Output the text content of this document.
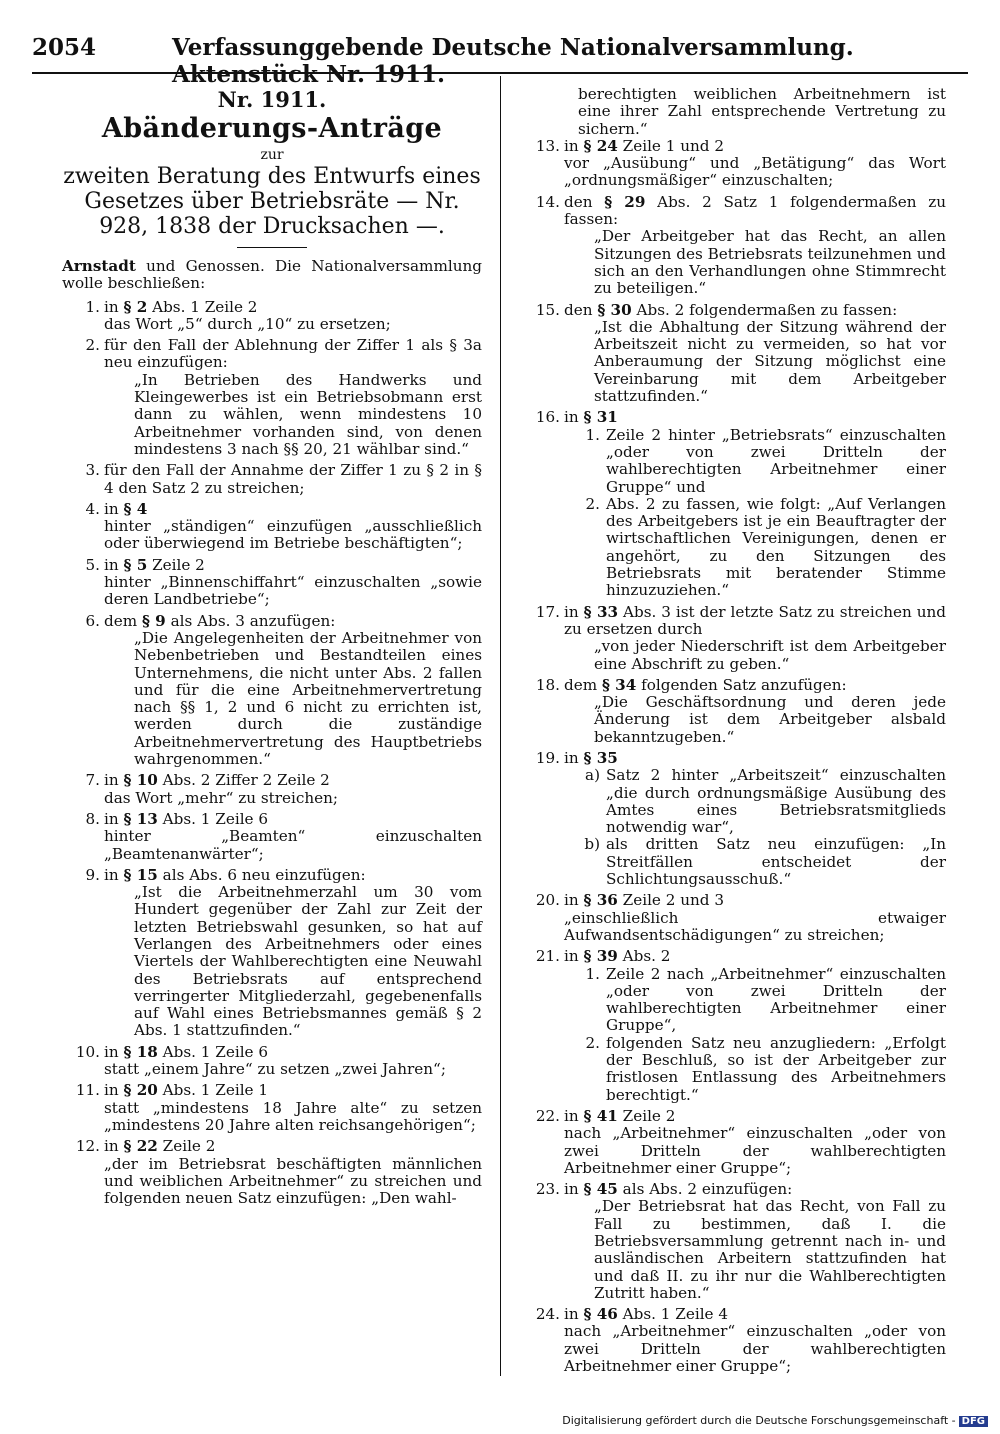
2054	Verfassunggebende Deutsche Nationalversammlung. Aktenstück Nr. 1911.
Nr. 1911.
Abänderungs-Anträge
zur
zweiten Beratung des Entwurfs eines Gesetzes über Betriebsräte — Nr. 928, 1838 der Drucksachen —.
Arnstadt und Genossen. Die Nationalversammlung wolle beschließen:
1. in § 2 Abs. 1 Zeile 2
das Wort „5“ durch „10“ zu ersetzen;
2. für den Fall der Ablehnung der Ziffer 1 als § 3a neu einzufügen:
„In Betrieben des Handwerks und Kleingewerbes ist ein Betriebsobmann erst dann zu wählen, wenn mindestens 10 Arbeitnehmer vorhanden sind, von denen mindestens 3 nach §§ 20, 21 wählbar sind.“
3. für den Fall der Annahme der Ziffer 1 zu § 2 in § 4 den Satz 2 zu streichen;
4. in § 4
hinter „ständigen“ einzufügen „ausschließlich oder überwiegend im Betriebe beschäftigten“;
5. in § 5 Zeile 2
hinter „Binnenschiffahrt“ einzuschalten „sowie deren Landbetriebe“;
6. dem § 9 als Abs. 3 anzufügen:
„Die Angelegenheiten der Arbeitnehmer von Nebenbetrieben und Bestandteilen eines Unternehmens, die nicht unter Abs. 2 fallen und für die eine Arbeitnehmervertretung nach §§ 1, 2 und 6 nicht zu errichten ist, werden durch die zuständige Arbeitnehmervertretung des Hauptbetriebs wahrgenommen.“
7. in § 10 Abs. 2 Ziffer 2 Zeile 2
das Wort „mehr“ zu streichen;
8. in § 13 Abs. 1 Zeile 6
hinter „Beamten“ einzuschalten „Beamtenanwärter“;
9. in § 15 als Abs. 6 neu einzufügen:
„Ist die Arbeitnehmerzahl um 30 vom Hundert gegenüber der Zahl zur Zeit der letzten Betriebswahl gesunken, so hat auf Verlangen des Arbeitnehmers oder eines Viertels der Wahlberechtigten eine Neuwahl des Betriebsrats auf entsprechend verringerter Mitgliederzahl, gegebenenfalls auf Wahl eines Betriebsmannes gemäß § 2 Abs. 1 stattzufinden.“
10. in § 18 Abs. 1 Zeile 6
statt „einem Jahre“ zu setzen „zwei Jahren“;
11. in § 20 Abs. 1 Zeile 1
statt „mindestens 18 Jahre alte“ zu setzen „mindestens 20 Jahre alten reichsangehörigen“;
12. in § 22 Zeile 2
„der im Betriebsrat beschäftigten männlichen und weiblichen Arbeitnehmer“ zu streichen und folgenden neuen Satz einzufügen: „Den wahl-
berechtigten weiblichen Arbeitnehmern ist eine ihrer Zahl entsprechende Vertretung zu sichern.“
13. in § 24 Zeile 1 und 2
vor „Ausübung“ und „Betätigung“ das Wort „ordnungsmäßiger“ einzuschalten;
14. den § 29 Abs. 2 Satz 1 folgendermaßen zu fassen:
„Der Arbeitgeber hat das Recht, an allen Sitzungen des Betriebsrats teilzunehmen und sich an den Verhandlungen ohne Stimmrecht zu beteiligen.“
15. den § 30 Abs. 2 folgendermaßen zu fassen:
„Ist die Abhaltung der Sitzung während der Arbeitszeit nicht zu vermeiden, so hat vor Anberaumung der Sitzung möglichst eine Vereinbarung mit dem Arbeitgeber stattzufinden.“
16. in § 31
1. Zeile 2 hinter „Betriebsrats“ einzuschalten „oder von zwei Dritteln der wahlberechtigten Arbeitnehmer einer Gruppe“ und
2. Abs. 2 zu fassen, wie folgt: „Auf Verlangen des Arbeitgebers ist je ein Beauftragter der wirtschaftlichen Vereinigungen, denen er angehört, zu den Sitzungen des Betriebsrats mit beratender Stimme hinzuzuziehen.“
17. in § 33 Abs. 3 ist der letzte Satz zu streichen und zu ersetzen durch
„von jeder Niederschrift ist dem Arbeitgeber eine Abschrift zu geben.“
18. dem § 34 folgenden Satz anzufügen:
„Die Geschäftsordnung und deren jede Änderung ist dem Arbeitgeber alsbald bekanntzugeben.“
19. in § 35
a) Satz 2 hinter „Arbeitszeit“ einzuschalten „die durch ordnungsmäßige Ausübung des Amtes eines Betriebsratsmitglieds notwendig war“,
b) als dritten Satz neu einzufügen: „In Streitfällen entscheidet der Schlichtungsausschuß.“
20. in § 36 Zeile 2 und 3
„einschließlich etwaiger Aufwandsentschädigungen“ zu streichen;
21. in § 39 Abs. 2
1. Zeile 2 nach „Arbeitnehmer“ einzuschalten „oder von zwei Dritteln der wahlberechtigten Arbeitnehmer einer Gruppe“,
2. folgenden Satz neu anzugliedern: „Erfolgt der Beschluß, so ist der Arbeitgeber zur fristlosen Entlassung des Arbeitnehmers berechtigt.“
22. in § 41 Zeile 2
nach „Arbeitnehmer“ einzuschalten „oder von zwei Dritteln der wahlberechtigten Arbeitnehmer einer Gruppe“;
23. in § 45 als Abs. 2 einzufügen:
„Der Betriebsrat hat das Recht, von Fall zu Fall zu bestimmen, daß I. die Betriebsversammlung getrennt nach in- und ausländischen Arbeitern stattzufinden hat und daß II. zu ihr nur die Wahlberechtigten Zutritt haben.“
24. in § 46 Abs. 1 Zeile 4
nach „Arbeitnehmer“ einzuschalten „oder von zwei Dritteln der wahlberechtigten Arbeitnehmer einer Gruppe“;
Digitalisierung gefördert durch die Deutsche Forschungsgemeinschaft - DFG
